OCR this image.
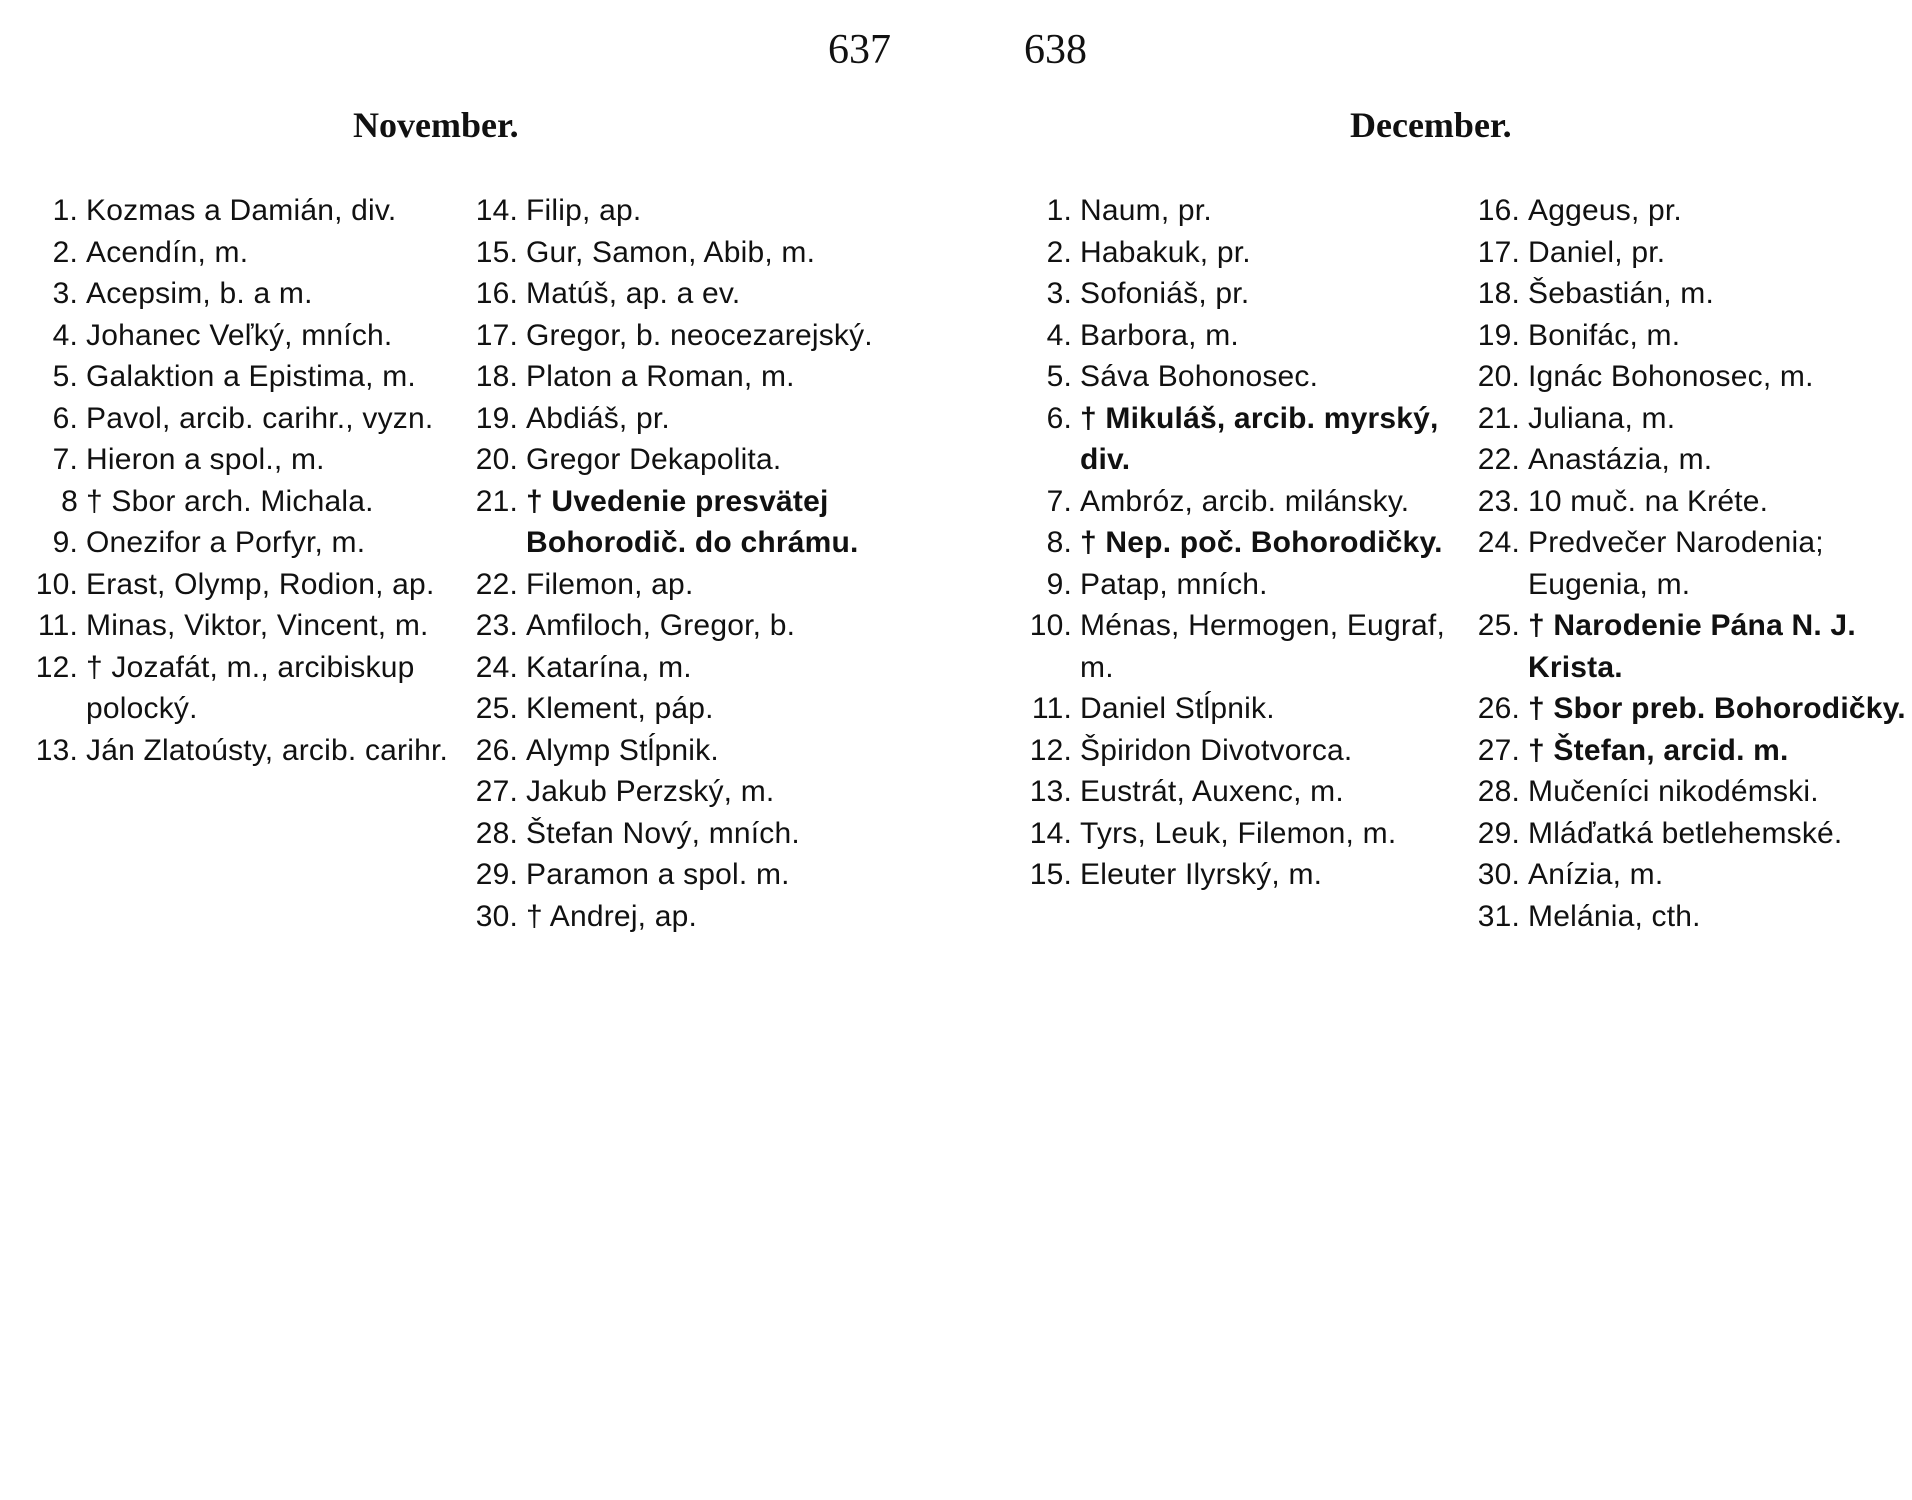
637	638
November.	December.
1. Kozmas a Damián, div.
2. Acendín, m.
3. Acepsim, b. a m.
4. Johanec Veľký, mních.
5. Galaktion a Epistima, m.
6. Pavol, arcib. carihr., vyzn.
7. Hieron a spol., m.
8 † Sbor arch. Michala.
9. Onezifor a Porfyr, m.
10. Erast, Olymp, Rodion, ap.
11. Minas, Viktor, Vincent, m.
12. † Jozafát, m., arcibiskup polocký.
13. Ján Zlatoústy, arcib. carihr.
14. Filip, ap.
15. Gur, Samon, Abib, m.
16. Matúš, ap. a ev.
17. Gregor, b. neocezarejský.
18. Platon a Roman, m.
19. Abdiáš, pr.
20. Gregor Dekapolita.
21. † Uvedenie presvätej Bohorodič. do chrámu.
22. Filemon, ap.
23. Amfiloch, Gregor, b.
24. Katarína, m.
25. Klement, páp.
26. Alymp Stĺpnik.
27. Jakub Perzský, m.
28. Štefan Nový, mních.
29. Paramon a spol. m.
30. † Andrej, ap.
1. Naum, pr.
2. Habakuk, pr.
3. Sofoniáš, pr.
4. Barbora, m.
5. Sáva Bohonosec.
6. † Mikuláš, arcib. myrský, div.
7. Ambróz, arcib. milánsky.
8. † Nep. poč. Bohorodičky.
9. Patap, mních.
10. Ménas, Hermogen, Eugraf, m.
11. Daniel Stĺpnik.
12. Špiridon Divotvorca.
13. Eustrát, Auxenc, m.
14. Tyrs, Leuk, Filemon, m.
15. Eleuter Ilyrský, m.
16. Aggeus, pr.
17. Daniel, pr.
18. Šebastián, m.
19. Bonifác, m.
20. Ignác Bohonosec, m.
21. Juliana, m.
22. Anastázia, m.
23. 10 muč. na Kréte.
24. Predvečer Narodenia; Eugenia, m.
25. † Narodenie Pána N. J. Krista.
26. † Sbor preb. Bohorodičky.
27. † Štefan, arcid. m.
28. Mučeníci nikodémski.
29. Mláďatká betlehemské.
30. Anízia, m.
31. Melánia, cth.
